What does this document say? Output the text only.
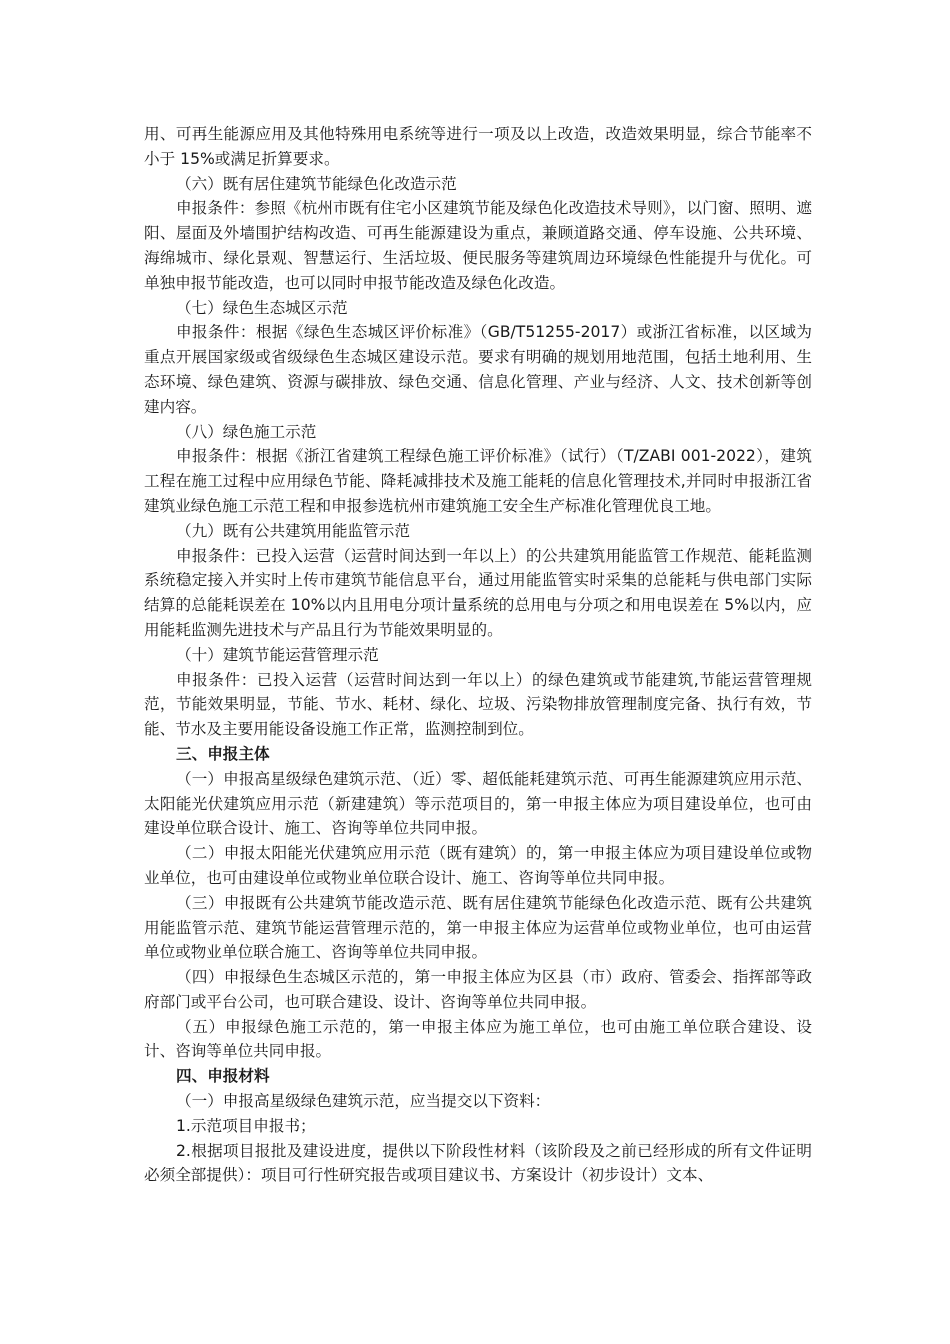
用、可再生能源应用及其他特殊用电系统等进行一项及以上改造，改造效果明显，综合节能率不小于 15%或满足折算要求。

（六）既有居住建筑节能绿色化改造示范

申报条件：参照《杭州市既有住宅小区建筑节能及绿色化改造技术导则》，以门窗、照明、遮阳、屋面及外墙围护结构改造、可再生能源建设为重点，兼顾道路交通、停车设施、公共环境、海绵城市、绿化景观、智慧运行、生活垃圾、便民服务等建筑周边环境绿色性能提升与优化。可单独申报节能改造，也可以同时申报节能改造及绿色化改造。

（七）绿色生态城区示范

申报条件：根据《绿色生态城区评价标准》（GB/T51255-2017）或浙江省标准，以区域为重点开展国家级或省级绿色生态城区建设示范。要求有明确的规划用地范围，包括土地利用、生态环境、绿色建筑、资源与碳排放、绿色交通、信息化管理、产业与经济、人文、技术创新等创建内容。

（八）绿色施工示范

申报条件：根据《浙江省建筑工程绿色施工评价标准》（试行）（T/ZABI 001-2022），建筑工程在施工过程中应用绿色节能、降耗减排技术及施工能耗的信息化管理技术,并同时申报浙江省建筑业绿色施工示范工程和申报参选杭州市建筑施工安全生产标准化管理优良工地。

（九）既有公共建筑用能监管示范

申报条件：已投入运营（运营时间达到一年以上）的公共建筑用能监管工作规范、能耗监测系统稳定接入并实时上传市建筑节能信息平台，通过用能监管实时采集的总能耗与供电部门实际结算的总能耗误差在 10%以内且用电分项计量系统的总用电与分项之和用电误差在 5%以内，应用能耗监测先进技术与产品且行为节能效果明显的。

（十）建筑节能运营管理示范

申报条件：已投入运营（运营时间达到一年以上）的绿色建筑或节能建筑,节能运营管理规范，节能效果明显，节能、节水、耗材、绿化、垃圾、污染物排放管理制度完备、执行有效，节能、节水及主要用能设备设施工作正常，监测控制到位。

三、申报主体

（一）申报高星级绿色建筑示范、（近）零、超低能耗建筑示范、可再生能源建筑应用示范、太阳能光伏建筑应用示范（新建建筑）等示范项目的，第一申报主体应为项目建设单位，也可由建设单位联合设计、施工、咨询等单位共同申报。

（二）申报太阳能光伏建筑应用示范（既有建筑）的，第一申报主体应为项目建设单位或物业单位，也可由建设单位或物业单位联合设计、施工、咨询等单位共同申报。

（三）申报既有公共建筑节能改造示范、既有居住建筑节能绿色化改造示范、既有公共建筑用能监管示范、建筑节能运营管理示范的，第一申报主体应为运营单位或物业单位，也可由运营单位或物业单位联合施工、咨询等单位共同申报。

（四）申报绿色生态城区示范的，第一申报主体应为区县（市）政府、管委会、指挥部等政府部门或平台公司，也可联合建设、设计、咨询等单位共同申报。

（五）申报绿色施工示范的，第一申报主体应为施工单位，也可由施工单位联合建设、设计、咨询等单位共同申报。

四、申报材料

（一）申报高星级绿色建筑示范，应当提交以下资料：

1.示范项目申报书；

2.根据项目报批及建设进度，提供以下阶段性材料（该阶段及之前已经形成的所有文件证明必须全部提供）：项目可行性研究报告或项目建议书、方案设计（初步设计）文本、
